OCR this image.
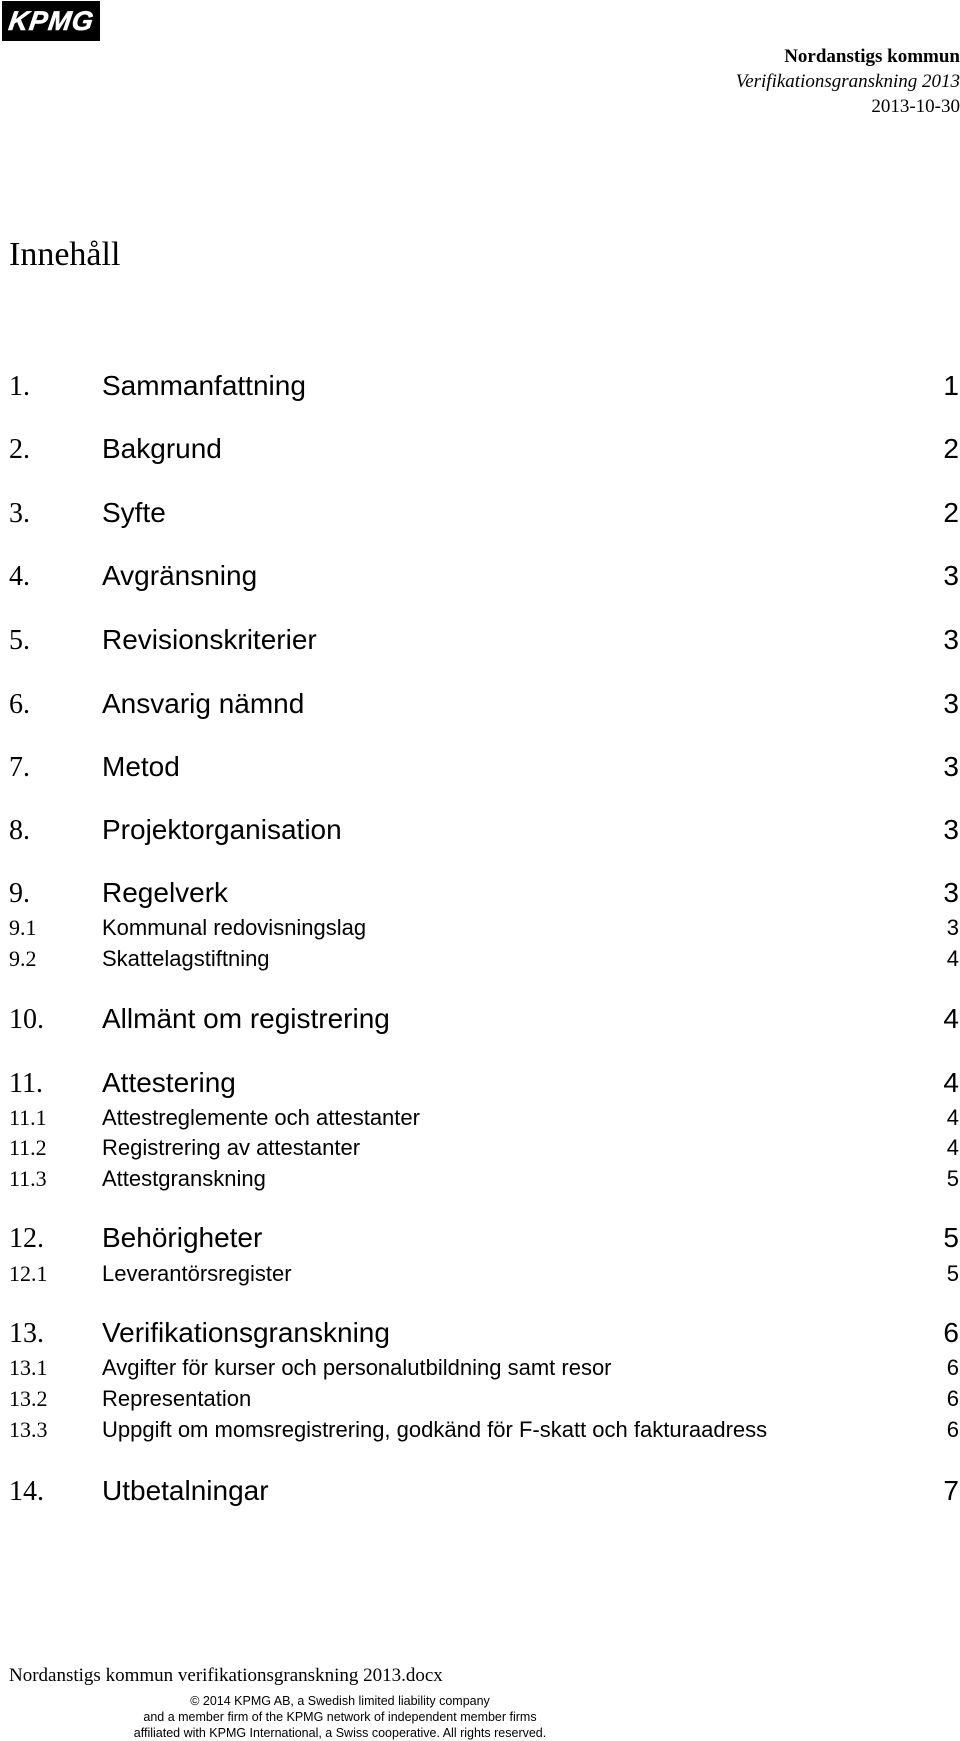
KPMG
Nordanstigs kommun
Verifikationsgranskning 2013
2013-10-30
Innehåll
1.	Sammanfattning	1
2.	Bakgrund	2
3.	Syfte	2
4.	Avgränsning	3
5.	Revisionskriterier	3
6.	Ansvarig nämnd	3
7.	Metod	3
8.	Projektorganisation	3
9.	Regelverk	3
9.1	Kommunal redovisningslag	3
9.2	Skattelagstiftning	4
10.	Allmänt om registrering	4
11.	Attestering	4
11.1	Attestreglemente och attestanter	4
11.2	Registrering av attestanter	4
11.3	Attestgranskning	5
12.	Behörigheter	5
12.1	Leverantörsregister	5
13.	Verifikationsgranskning	6
13.1	Avgifter för kurser och personalutbildning samt resor	6
13.2	Representation	6
13.3	Uppgift om momsregistrering, godkänd för F-skatt och fakturaadress	6
14.	Utbetalningar	7
Nordanstigs kommun verifikationsgranskning 2013.docx
© 2014 KPMG AB, a Swedish limited liability company
and a member firm of the KPMG network of independent member firms
affiliated with KPMG International, a Swiss cooperative. All rights reserved.
